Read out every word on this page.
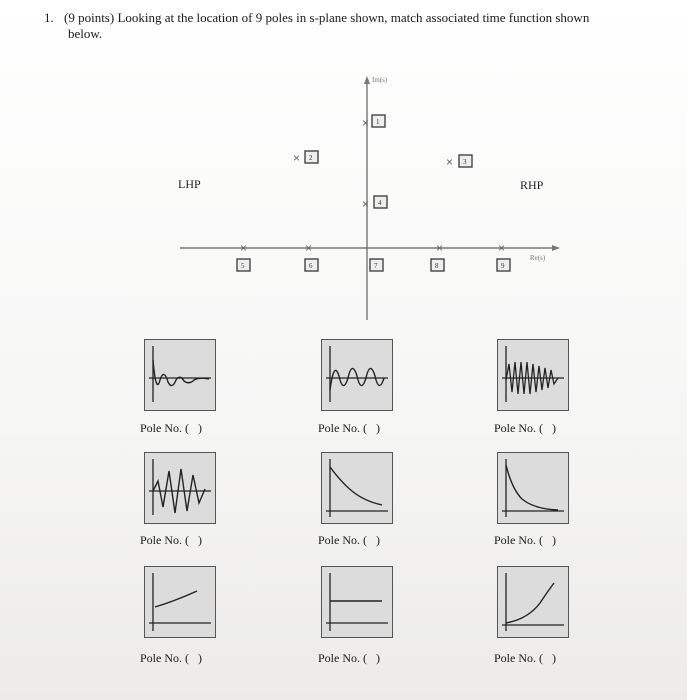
1. (9 points) Looking at the location of 9 poles in s-plane shown, match associated time function shown
below.
Im(s)
Re(s)
LHP	RHP
× 1
× 2	× 3
× 4
×
5
×
6	7
×
8
×
9
Pole No. (   )	Pole No. (   )	Pole No. (   )
Pole No. (   )	Pole No. (   )	Pole No. (   )
Pole No. (   )	Pole No. (   )	Pole No. (   )
